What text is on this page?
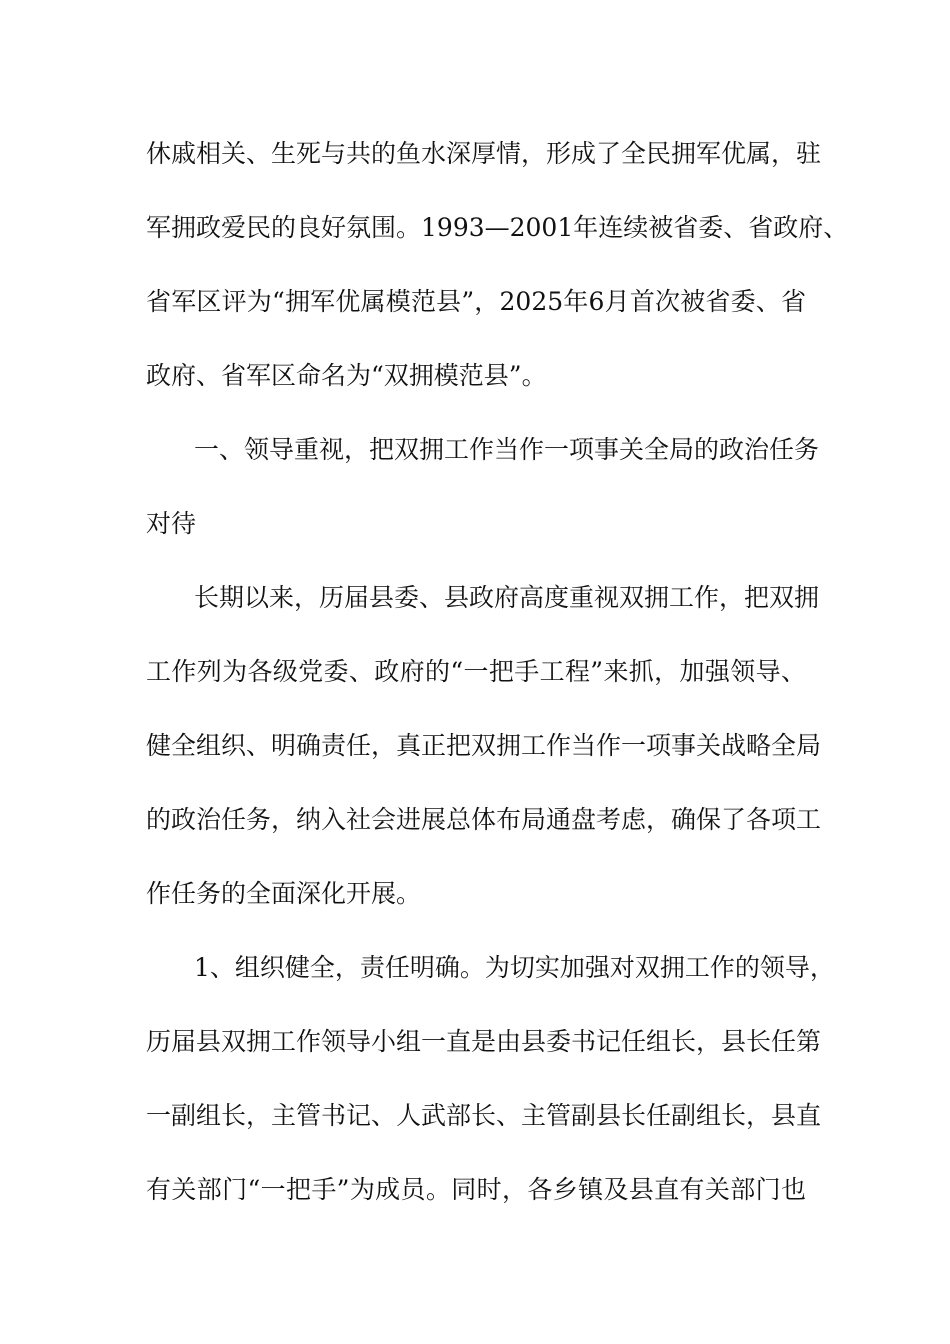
休戚相关、生死与共的鱼水深厚情，形成了全民拥军优属，驻
军拥政爱民的良好氛围。1993—2001年连续被省委、省政府、
省军区评为“拥军优属模范县”，2025年6月首次被省委、省
政府、省军区命名为“双拥模范县”。
一、领导重视，把双拥工作当作一项事关全局的政治任务
对待
长期以来，历届县委、县政府高度重视双拥工作，把双拥
工作列为各级党委、政府的“一把手工程”来抓，加强领导、
健全组织、明确责任，真正把双拥工作当作一项事关战略全局
的政治任务，纳入社会进展总体布局通盘考虑，确保了各项工
作任务的全面深化开展。
1、组织健全，责任明确。为切实加强对双拥工作的领导，
历届县双拥工作领导小组一直是由县委书记任组长，县长任第
一副组长，主管书记、人武部长、主管副县长任副组长，县直
有关部门“一把手”为成员。同时，各乡镇及县直有关部门也
